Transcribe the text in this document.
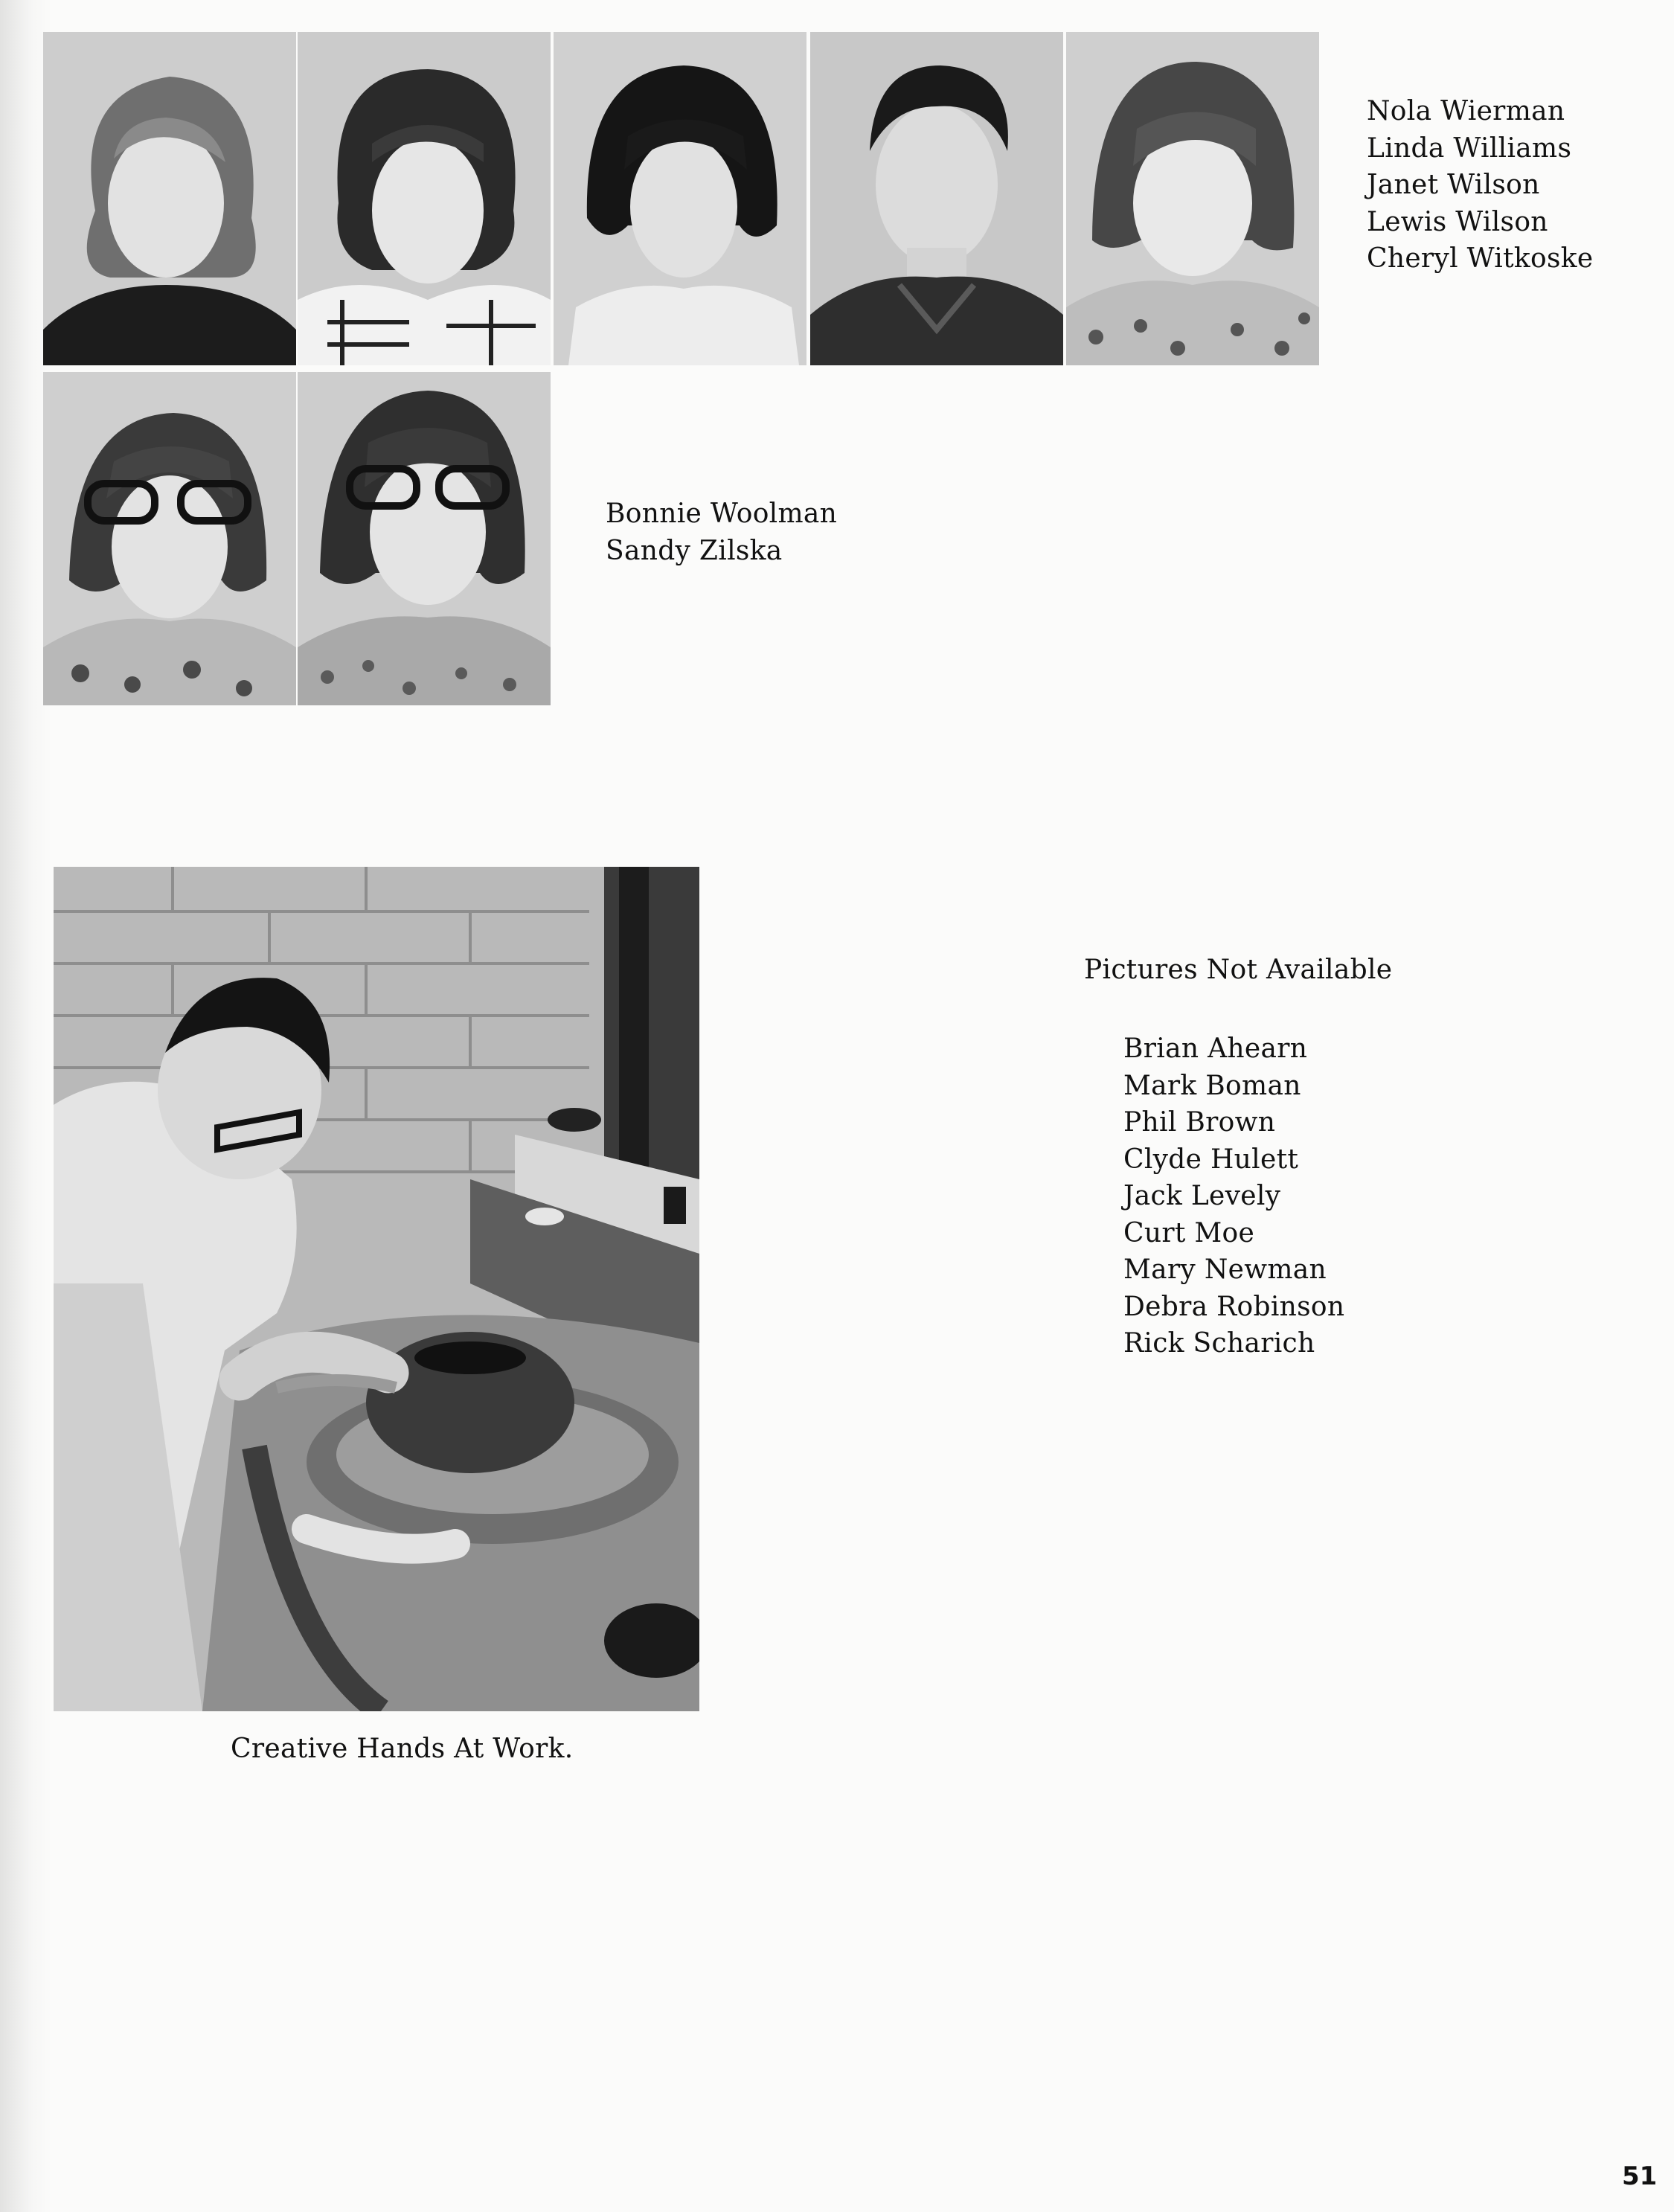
Nola Wierman
Linda Williams
Janet Wilson
Lewis Wilson
Cheryl Witkoske
Bonnie Woolman
Sandy Zilska
Creative Hands At Work.
Pictures Not Available
Brian Ahearn
Mark Boman
Phil Brown
Clyde Hulett
Jack Levely
Curt Moe
Mary Newman
Debra Robinson
Rick Scharich
51
